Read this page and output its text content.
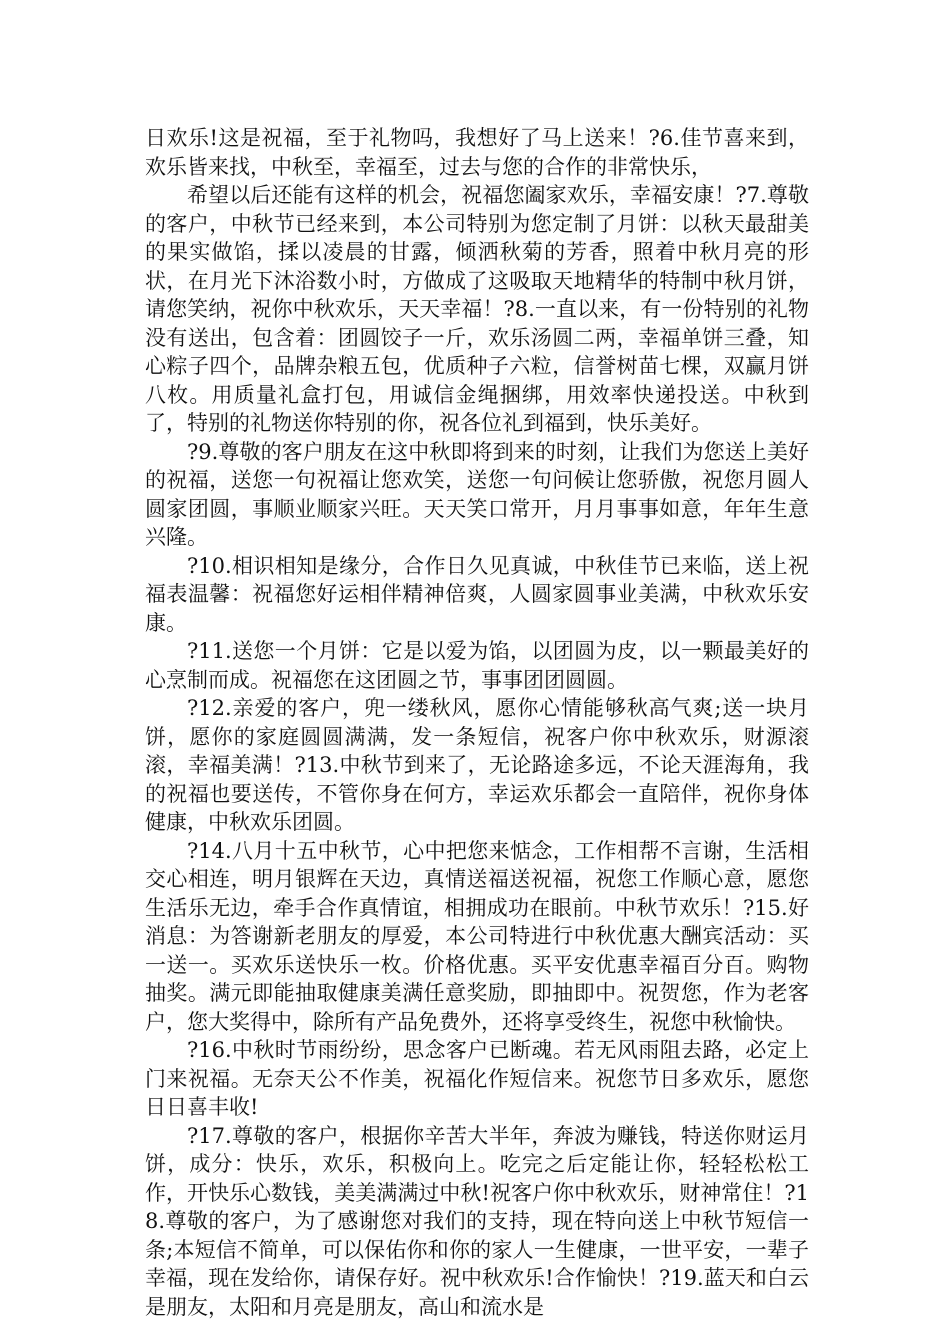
日欢乐!这是祝福，至于礼物吗，我想好了马上送来！?6.佳节喜来到，欢乐皆来找，中秋至，幸福至，过去与您的合作的非常快乐，

希望以后还能有这样的机会，祝福您阖家欢乐，幸福安康！?7.尊敬的客户，中秋节已经来到，本公司特别为您定制了月饼：以秋天最甜美的果实做馅，揉以凌晨的甘露，倾洒秋菊的芳香，照着中秋月亮的形状，在月光下沐浴数小时，方做成了这吸取天地精华的特制中秋月饼，请您笑纳，祝你中秋欢乐，天天幸福！?8.一直以来，有一份特别的礼物没有送出，包含着：团圆饺子一斤，欢乐汤圆二两，幸福单饼三叠，知心粽子四个，品牌杂粮五包，优质种子六粒，信誉树苗七棵，双赢月饼八枚。用质量礼盒打包，用诚信金绳捆绑，用效率快递投送。中秋到了，特别的礼物送你特别的你，祝各位礼到福到，快乐美好。

?9.尊敬的客户朋友在这中秋即将到来的时刻，让我们为您送上美好的祝福，送您一句祝福让您欢笑，送您一句问候让您骄傲，祝您月圆人圆家团圆，事顺业顺家兴旺。天天笑口常开，月月事事如意，年年生意兴隆。

?10.相识相知是缘分，合作日久见真诚，中秋佳节已来临，送上祝福表温馨：祝福您好运相伴精神倍爽，人圆家圆事业美满，中秋欢乐安康。

?11.送您一个月饼：它是以爱为馅，以团圆为皮，以一颗最美好的心烹制而成。祝福您在这团圆之节，事事团团圆圆。

?12.亲爱的客户，兜一缕秋风，愿你心情能够秋高气爽;送一块月饼，愿你的家庭圆圆满满，发一条短信，祝客户你中秋欢乐，财源滚滚，幸福美满！?13.中秋节到来了，无论路途多远，不论天涯海角，我的祝福也要送传，不管你身在何方，幸运欢乐都会一直陪伴，祝你身体健康，中秋欢乐团圆。

?14.八月十五中秋节，心中把您来惦念，工作相帮不言谢，生活相交心相连，明月银辉在天边，真情送福送祝福，祝您工作顺心意，愿您生活乐无边，牵手合作真情谊，相拥成功在眼前。中秋节欢乐！?15.好消息：为答谢新老朋友的厚爱，本公司特进行中秋优惠大酬宾活动：买一送一。买欢乐送快乐一枚。价格优惠。买平安优惠幸福百分百。购物抽奖。满元即能抽取健康美满任意奖励，即抽即中。祝贺您，作为老客户，您大奖得中，除所有产品免费外，还将享受终生，祝您中秋愉快。

?16.中秋时节雨纷纷，思念客户已断魂。若无风雨阻去路，必定上门来祝福。无奈天公不作美，祝福化作短信来。祝您节日多欢乐，愿您日日喜丰收!

?17.尊敬的客户，根据你辛苦大半年，奔波为赚钱，特送你财运月饼，成分：快乐，欢乐，积极向上。吃完之后定能让你，轻轻松松工作，开快乐心数钱，美美满满过中秋!祝客户你中秋欢乐，财神常住！?18.尊敬的客户，为了感谢您对我们的支持，现在特向送上中秋节短信一条;本短信不简单，可以保佑你和你的家人一生健康，一世平安，一辈子幸福，现在发给你，请保存好。祝中秋欢乐!合作愉快！?19.蓝天和白云是朋友，太阳和月亮是朋友，高山和流水是
